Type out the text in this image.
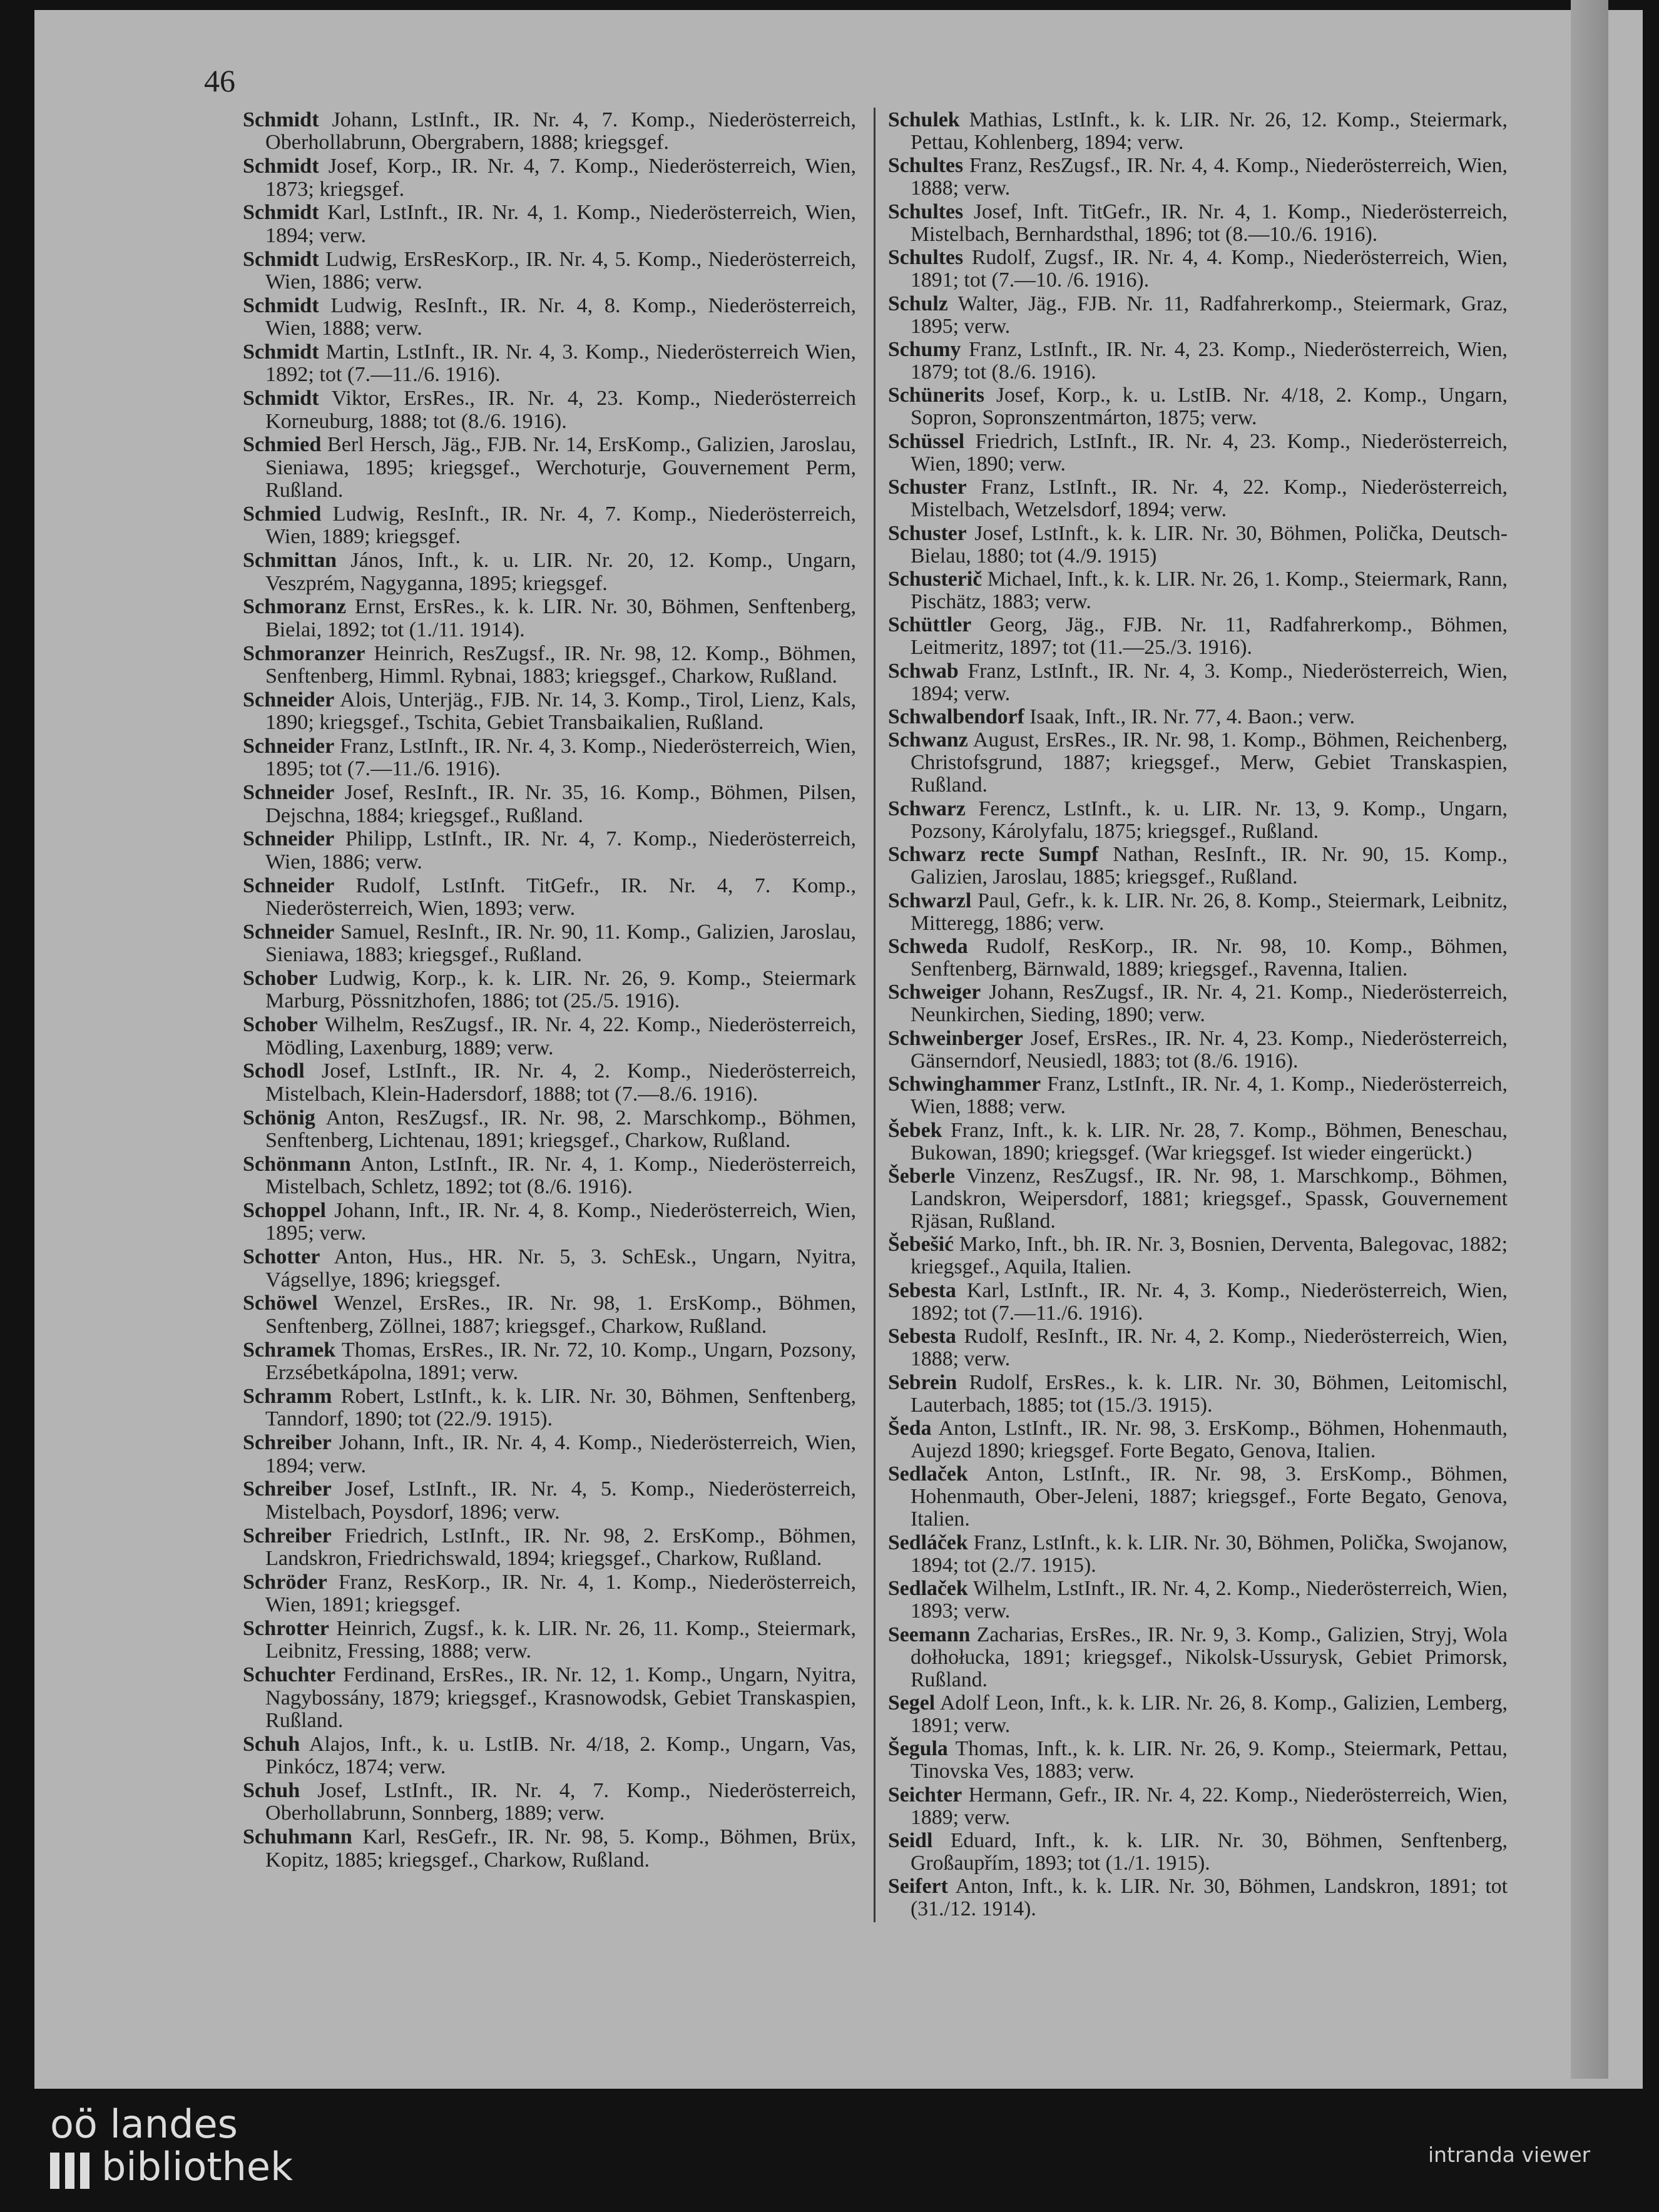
46
Schmidt Johann, LstInft., IR. Nr. 4, 7. Komp., Niederösterreich, Oberhollabrunn, Obergrabern, 1888; kriegsgef.
Schmidt Josef, Korp., IR. Nr. 4, 7. Komp., Niederösterreich, Wien, 1873; kriegsgef.
Schmidt Karl, LstInft., IR. Nr. 4, 1. Komp., Niederösterreich, Wien, 1894; verw.
Schmidt Ludwig, ErsResKorp., IR. Nr. 4, 5. Komp., Niederösterreich, Wien, 1886; verw.
Schmidt Ludwig, ResInft., IR. Nr. 4, 8. Komp., Niederösterreich, Wien, 1888; verw.
Schmidt Martin, LstInft., IR. Nr. 4, 3. Komp., Niederösterreich Wien, 1892; tot (7.—11./6. 1916).
Schmidt Viktor, ErsRes., IR. Nr. 4, 23. Komp., Niederösterreich Korneuburg, 1888; tot (8./6. 1916).
Schmied Berl Hersch, Jäg., FJB. Nr. 14, ErsKomp., Galizien, Jaroslau, Sieniawa, 1895; kriegsgef., Werchoturje, Gouvernement Perm, Rußland.
Schmied Ludwig, ResInft., IR. Nr. 4, 7. Komp., Niederösterreich, Wien, 1889; kriegsgef.
Schmittan János, Inft., k. u. LIR. Nr. 20, 12. Komp., Ungarn, Veszprém, Nagyganna, 1895; kriegsgef.
Schmoranz Ernst, ErsRes., k. k. LIR. Nr. 30, Böhmen, Senftenberg, Bielai, 1892; tot (1./11. 1914).
Schmoranzer Heinrich, ResZugsf., IR. Nr. 98, 12. Komp., Böhmen, Senftenberg, Himml. Rybnai, 1883; kriegsgef., Charkow, Rußland.
Schneider Alois, Unterjäg., FJB. Nr. 14, 3. Komp., Tirol, Lienz, Kals, 1890; kriegsgef., Tschita, Gebiet Transbaikalien, Rußland.
Schneider Franz, LstInft., IR. Nr. 4, 3. Komp., Niederösterreich, Wien, 1895; tot (7.—11./6. 1916).
Schneider Josef, ResInft., IR. Nr. 35, 16. Komp., Böhmen, Pilsen, Dejschna, 1884; kriegsgef., Rußland.
Schneider Philipp, LstInft., IR. Nr. 4, 7. Komp., Niederösterreich, Wien, 1886; verw.
Schneider Rudolf, LstInft. TitGefr., IR. Nr. 4, 7. Komp., Niederösterreich, Wien, 1893; verw.
Schneider Samuel, ResInft., IR. Nr. 90, 11. Komp., Galizien, Jaroslau, Sieniawa, 1883; kriegsgef., Rußland.
Schober Ludwig, Korp., k. k. LIR. Nr. 26, 9. Komp., Steiermark Marburg, Pössnitzhofen, 1886; tot (25./5. 1916).
Schober Wilhelm, ResZugsf., IR. Nr. 4, 22. Komp., Niederösterreich, Mödling, Laxenburg, 1889; verw.
Schodl Josef, LstInft., IR. Nr. 4, 2. Komp., Niederösterreich, Mistelbach, Klein-Hadersdorf, 1888; tot (7.—8./6. 1916).
Schönig Anton, ResZugsf., IR. Nr. 98, 2. Marschkomp., Böhmen, Senftenberg, Lichtenau, 1891; kriegsgef., Charkow, Rußland.
Schönmann Anton, LstInft., IR. Nr. 4, 1. Komp., Niederösterreich, Mistelbach, Schletz, 1892; tot (8./6. 1916).
Schoppel Johann, Inft., IR. Nr. 4, 8. Komp., Niederösterreich, Wien, 1895; verw.
Schotter Anton, Hus., HR. Nr. 5, 3. SchEsk., Ungarn, Nyitra, Vágsellye, 1896; kriegsgef.
Schöwel Wenzel, ErsRes., IR. Nr. 98, 1. ErsKomp., Böhmen, Senftenberg, Zöllnei, 1887; kriegsgef., Charkow, Rußland.
Schramek Thomas, ErsRes., IR. Nr. 72, 10. Komp., Ungarn, Pozsony, Erzsébetkápolna, 1891; verw.
Schramm Robert, LstInft., k. k. LIR. Nr. 30, Böhmen, Senftenberg, Tanndorf, 1890; tot (22./9. 1915).
Schreiber Johann, Inft., IR. Nr. 4, 4. Komp., Niederösterreich, Wien, 1894; verw.
Schreiber Josef, LstInft., IR. Nr. 4, 5. Komp., Niederösterreich, Mistelbach, Poysdorf, 1896; verw.
Schreiber Friedrich, LstInft., IR. Nr. 98, 2. ErsKomp., Böhmen, Landskron, Friedrichswald, 1894; kriegsgef., Charkow, Rußland.
Schröder Franz, ResKorp., IR. Nr. 4, 1. Komp., Niederösterreich, Wien, 1891; kriegsgef.
Schrotter Heinrich, Zugsf., k. k. LIR. Nr. 26, 11. Komp., Steiermark, Leibnitz, Fressing, 1888; verw.
Schuchter Ferdinand, ErsRes., IR. Nr. 12, 1. Komp., Ungarn, Nyitra, Nagybossány, 1879; kriegsgef., Krasnowodsk, Gebiet Transkaspien, Rußland.
Schuh Alajos, Inft., k. u. LstIB. Nr. 4/18, 2. Komp., Ungarn, Vas, Pinkócz, 1874; verw.
Schuh Josef, LstInft., IR. Nr. 4, 7. Komp., Niederösterreich, Oberhollabrunn, Sonnberg, 1889; verw.
Schuhmann Karl, ResGefr., IR. Nr. 98, 5. Komp., Böhmen, Brüx, Kopitz, 1885; kriegsgef., Charkow, Rußland.
Schulek Mathias, LstInft., k. k. LIR. Nr. 26, 12. Komp., Steiermark, Pettau, Kohlenberg, 1894; verw.
Schultes Franz, ResZugsf., IR. Nr. 4, 4. Komp., Niederösterreich, Wien, 1888; verw.
Schultes Josef, Inft. TitGefr., IR. Nr. 4, 1. Komp., Niederösterreich, Mistelbach, Bernhardsthal, 1896; tot (8.—10./6. 1916).
Schultes Rudolf, Zugsf., IR. Nr. 4, 4. Komp., Niederösterreich, Wien, 1891; tot (7.—10. /6. 1916).
Schulz Walter, Jäg., FJB. Nr. 11, Radfahrerkomp., Steiermark, Graz, 1895; verw.
Schumy Franz, LstInft., IR. Nr. 4, 23. Komp., Niederösterreich, Wien, 1879; tot (8./6. 1916).
Schünerits Josef, Korp., k. u. LstIB. Nr. 4/18, 2. Komp., Ungarn, Sopron, Sopronszentmárton, 1875; verw.
Schüssel Friedrich, LstInft., IR. Nr. 4, 23. Komp., Niederösterreich, Wien, 1890; verw.
Schuster Franz, LstInft., IR. Nr. 4, 22. Komp., Niederösterreich, Mistelbach, Wetzelsdorf, 1894; verw.
Schuster Josef, LstInft., k. k. LIR. Nr. 30, Böhmen, Polička, Deutsch-Bielau, 1880; tot (4./9. 1915)
Schusterič Michael, Inft., k. k. LIR. Nr. 26, 1. Komp., Steiermark, Rann, Pischätz, 1883; verw.
Schüttler Georg, Jäg., FJB. Nr. 11, Radfahrerkomp., Böhmen, Leitmeritz, 1897; tot (11.—25./3. 1916).
Schwab Franz, LstInft., IR. Nr. 4, 3. Komp., Niederösterreich, Wien, 1894; verw.
Schwalbendorf Isaak, Inft., IR. Nr. 77, 4. Baon.; verw.
Schwanz August, ErsRes., IR. Nr. 98, 1. Komp., Böhmen, Reichenberg, Christofsgrund, 1887; kriegsgef., Merw, Gebiet Transkaspien, Rußland.
Schwarz Ferencz, LstInft., k. u. LIR. Nr. 13, 9. Komp., Ungarn, Pozsony, Károlyfalu, 1875; kriegsgef., Rußland.
Schwarz recte Sumpf Nathan, ResInft., IR. Nr. 90, 15. Komp., Galizien, Jaroslau, 1885; kriegsgef., Rußland.
Schwarzl Paul, Gefr., k. k. LIR. Nr. 26, 8. Komp., Steiermark, Leibnitz, Mitteregg, 1886; verw.
Schweda Rudolf, ResKorp., IR. Nr. 98, 10. Komp., Böhmen, Senftenberg, Bärnwald, 1889; kriegsgef., Ravenna, Italien.
Schweiger Johann, ResZugsf., IR. Nr. 4, 21. Komp., Niederösterreich, Neunkirchen, Sieding, 1890; verw.
Schweinberger Josef, ErsRes., IR. Nr. 4, 23. Komp., Niederösterreich, Gänserndorf, Neusiedl, 1883; tot (8./6. 1916).
Schwinghammer Franz, LstInft., IR. Nr. 4, 1. Komp., Niederösterreich, Wien, 1888; verw.
Šebek Franz, Inft., k. k. LIR. Nr. 28, 7. Komp., Böhmen, Beneschau, Bukowan, 1890; kriegsgef. (War kriegsgef. Ist wieder eingerückt.)
Šeberle Vinzenz, ResZugsf., IR. Nr. 98, 1. Marschkomp., Böhmen, Landskron, Weipersdorf, 1881; kriegsgef., Spassk, Gouvernement Rjäsan, Rußland.
Šebešić Marko, Inft., bh. IR. Nr. 3, Bosnien, Derventa, Balegovac, 1882; kriegsgef., Aquila, Italien.
Sebesta Karl, LstInft., IR. Nr. 4, 3. Komp., Niederösterreich, Wien, 1892; tot (7.—11./6. 1916).
Sebesta Rudolf, ResInft., IR. Nr. 4, 2. Komp., Niederösterreich, Wien, 1888; verw.
Sebrein Rudolf, ErsRes., k. k. LIR. Nr. 30, Böhmen, Leitomischl, Lauterbach, 1885; tot (15./3. 1915).
Šeda Anton, LstInft., IR. Nr. 98, 3. ErsKomp., Böhmen, Hohenmauth, Aujezd 1890; kriegsgef. Forte Begato, Genova, Italien.
Sedlaček Anton, LstInft., IR. Nr. 98, 3. ErsKomp., Böhmen, Hohenmauth, Ober-Jeleni, 1887; kriegsgef., Forte Begato, Genova, Italien.
Sedláček Franz, LstInft., k. k. LIR. Nr. 30, Böhmen, Polička, Swojanow, 1894; tot (2./7. 1915).
Sedlaček Wilhelm, LstInft., IR. Nr. 4, 2. Komp., Niederösterreich, Wien, 1893; verw.
Seemann Zacharias, ErsRes., IR. Nr. 9, 3. Komp., Galizien, Stryj, Wola dołhołucka, 1891; kriegsgef., Nikolsk-Ussurysk, Gebiet Primorsk, Rußland.
Segel Adolf Leon, Inft., k. k. LIR. Nr. 26, 8. Komp., Galizien, Lemberg, 1891; verw.
Šegula Thomas, Inft., k. k. LIR. Nr. 26, 9. Komp., Steiermark, Pettau, Tinovska Ves, 1883; verw.
Seichter Hermann, Gefr., IR. Nr. 4, 22. Komp., Niederösterreich, Wien, 1889; verw.
Seidl Eduard, Inft., k. k. LIR. Nr. 30, Böhmen, Senftenberg, Großaupřím, 1893; tot (1./1. 1915).
Seifert Anton, Inft., k. k. LIR. Nr. 30, Böhmen, Landskron, 1891; tot (31./12. 1914).
oö landes
bibliothek	intranda viewer
